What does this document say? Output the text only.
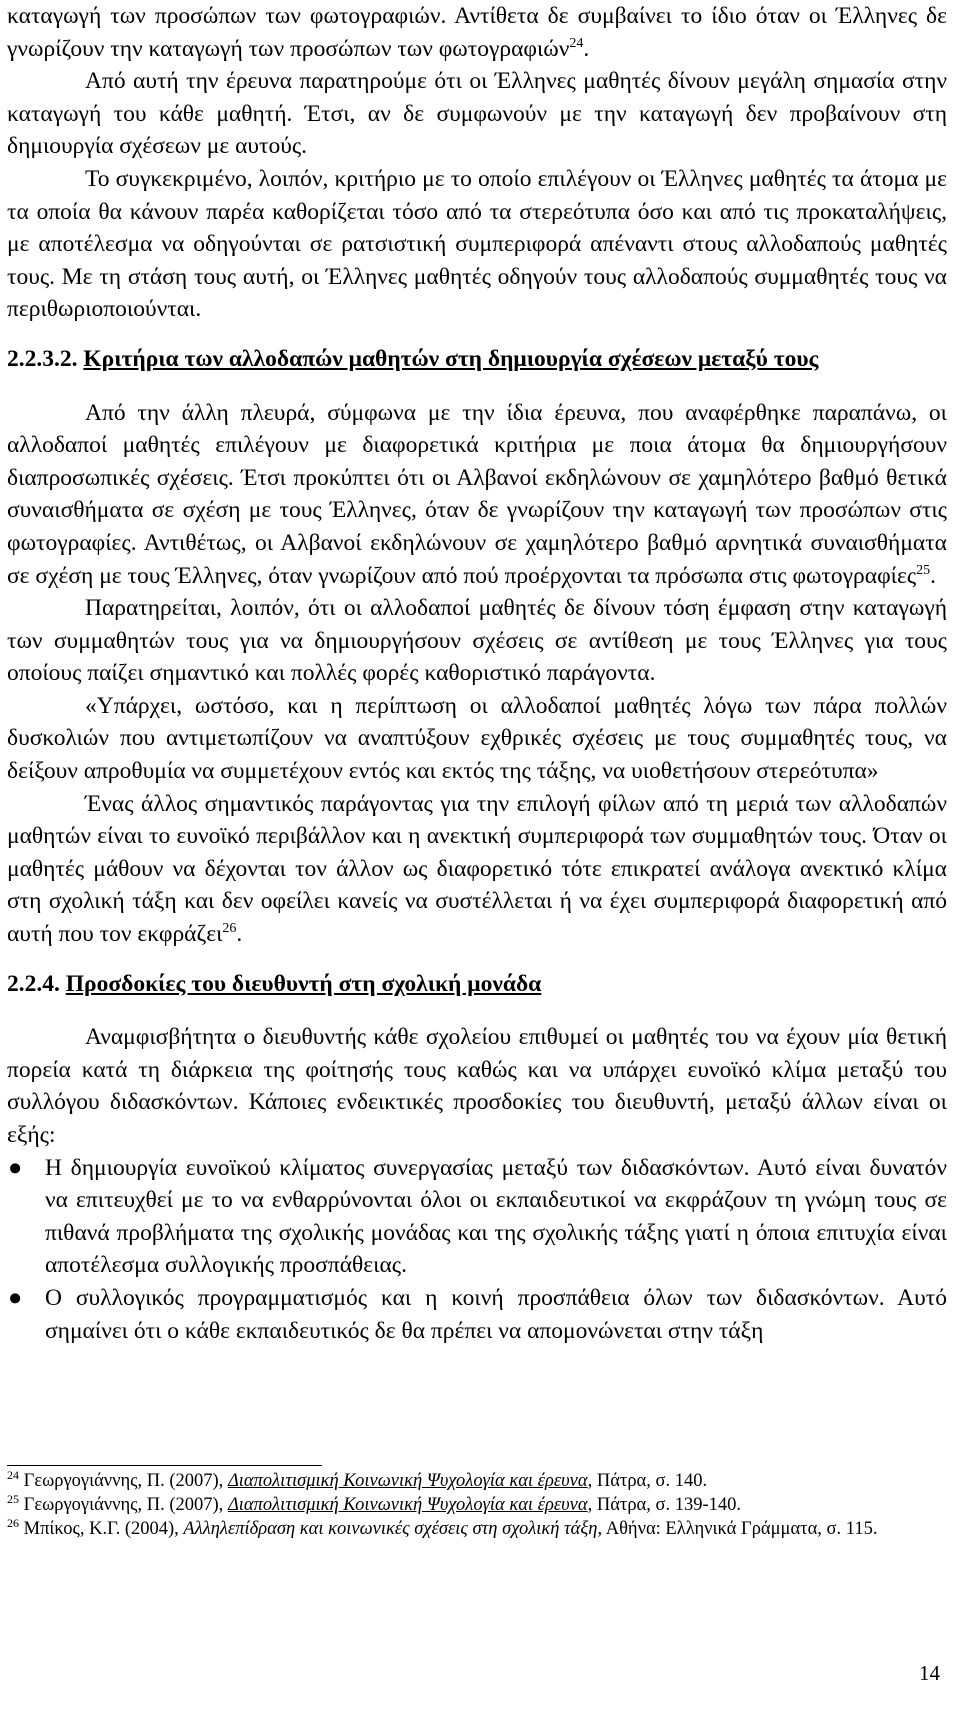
καταγωγή των προσώπων των φωτογραφιών. Αντίθετα δε συμβαίνει το ίδιο όταν οι Έλληνες δε γνωρίζουν την καταγωγή των προσώπων των φωτογραφιών$^{24}$.

Από αυτή την έρευνα παρατηρούμε ότι οι Έλληνες μαθητές δίνουν μεγάλη σημασία στην καταγωγή του κάθε μαθητή. Έτσι, αν δε συμφωνούν με την καταγωγή δεν προβαίνουν στη δημιουργία σχέσεων με αυτούς.

Το συγκεκριμένο, λοιπόν, κριτήριο με το οποίο επιλέγουν οι Έλληνες μαθητές τα άτομα με τα οποία θα κάνουν παρέα καθορίζεται τόσο από τα στερεότυπα όσο και από τις προκαταλήψεις, με αποτέλεσμα να οδηγούνται σε ρατσιστική συμπεριφορά απέναντι στους αλλοδαπούς μαθητές τους. Με τη στάση τους αυτή, οι Έλληνες μαθητές οδηγούν τους αλλοδαπούς συμμαθητές τους να περιθωριοποιούνται.

2.2.3.2. Κριτήρια των αλλοδαπών μαθητών στη δημιουργία σχέσεων μεταξύ τους

Από την άλλη πλευρά, σύμφωνα με την ίδια έρευνα, που αναφέρθηκε παραπάνω, οι αλλοδαποί μαθητές επιλέγουν με διαφορετικά κριτήρια με ποια άτομα θα δημιουργήσουν διαπροσωπικές σχέσεις. Έτσι προκύπτει ότι οι Αλβανοί εκδηλώνουν σε χαμηλότερο βαθμό θετικά συναισθήματα σε σχέση με τους Έλληνες, όταν δε γνωρίζουν την καταγωγή των προσώπων στις φωτογραφίες. Αντιθέτως, οι Αλβανοί εκδηλώνουν σε χαμηλότερο βαθμό αρνητικά συναισθήματα σε σχέση με τους Έλληνες, όταν γνωρίζουν από πού προέρχονται τα πρόσωπα στις φωτογραφίες$^{25}$.

Παρατηρείται, λοιπόν, ότι οι αλλοδαποί μαθητές δε δίνουν τόση έμφαση στην καταγωγή των συμμαθητών τους για να δημιουργήσουν σχέσεις σε αντίθεση με τους Έλληνες για τους οποίους παίζει σημαντικό και πολλές φορές καθοριστικό παράγοντα.

«Υπάρχει, ωστόσο, και η περίπτωση οι αλλοδαποί μαθητές λόγω των πάρα πολλών δυσκολιών που αντιμετωπίζουν να αναπτύξουν εχθρικές σχέσεις με τους συμμαθητές τους, να δείξουν απροθυμία να συμμετέχουν εντός και εκτός της τάξης, να υιοθετήσουν στερεότυπα»

Ένας άλλος σημαντικός παράγοντας για την επιλογή φίλων από τη μεριά των αλλοδαπών μαθητών είναι το ευνοϊκό περιβάλλον και η ανεκτική συμπεριφορά των συμμαθητών τους. Όταν οι μαθητές μάθουν να δέχονται τον άλλον ως διαφορετικό τότε επικρατεί ανάλογα ανεκτικό κλίμα στη σχολική τάξη και δεν οφείλει κανείς να συστέλλεται ή να έχει συμπεριφορά διαφορετική από αυτή που τον εκφράζει$^{26}$.

2.2.4. Προσδοκίες του διευθυντή στη σχολική μονάδα

Αναμφισβήτητα ο διευθυντής κάθε σχολείου επιθυμεί οι μαθητές του να έχουν μία θετική πορεία κατά τη διάρκεια της φοίτησής τους καθώς και να υπάρχει ευνοϊκό κλίμα μεταξύ του συλλόγου διδασκόντων. Κάποιες ενδεικτικές προσδοκίες του διευθυντή, μεταξύ άλλων είναι οι εξής:

● Η δημιουργία ευνοϊκού κλίματος συνεργασίας μεταξύ των διδασκόντων. Αυτό είναι δυνατόν να επιτευχθεί με το να ενθαρρύνονται όλοι οι εκπαιδευτικοί να εκφράζουν τη γνώμη τους σε πιθανά προβλήματα της σχολικής μονάδας και της σχολικής τάξης γιατί η όποια επιτυχία είναι αποτέλεσμα συλλογικής προσπάθειας.
● Ο συλλογικός προγραμματισμός και η κοινή προσπάθεια όλων των διδασκόντων. Αυτό σημαίνει ότι ο κάθε εκπαιδευτικός δε θα πρέπει να απομονώνεται στην τάξη

$^{24}$ Γεωργογιάννης, Π. (2007), Διαπολιτισμική Κοινωνική Ψυχολογία και έρευνα, Πάτρα, σ. 140.

$^{25}$ Γεωργογιάννης, Π. (2007), Διαπολιτισμική Κοινωνική Ψυχολογία και έρευνα, Πάτρα, σ. 139-140.

$^{26}$ Μπίκος, Κ.Γ. (2004), Αλληλεπίδραση και κοινωνικές σχέσεις στη σχολική τάξη, Αθήνα: Ελληνικά Γράμματα, σ. 115.

14
